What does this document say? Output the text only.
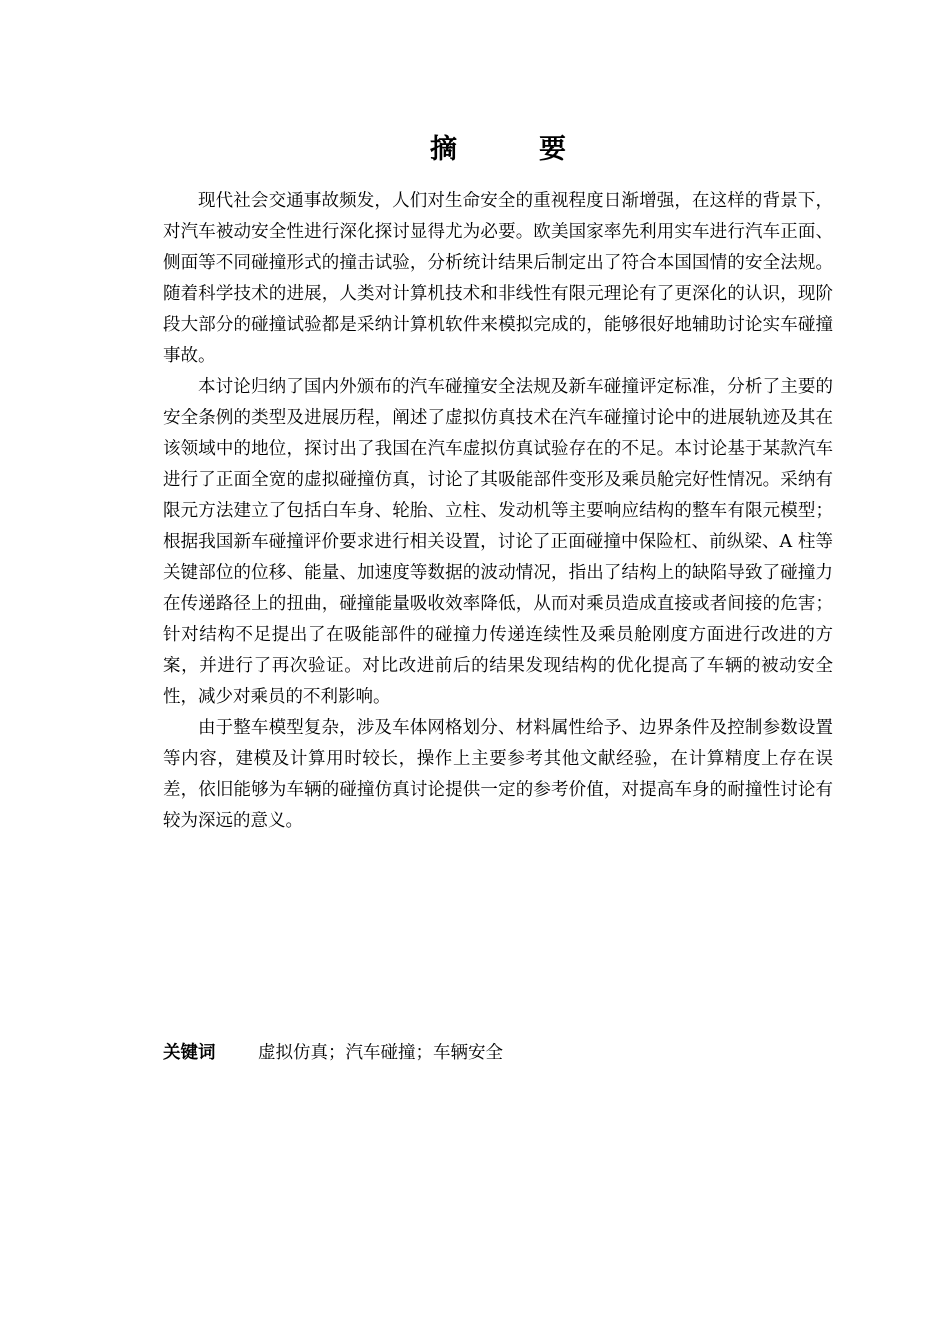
摘	要

现代社会交通事故频发，人们对生命安全的重视程度日渐增强，在这样的背景下，对汽车被动安全性进行深化探讨显得尤为必要。欧美国家率先利用实车进行汽车正面、侧面等不同碰撞形式的撞击试验，分析统计结果后制定出了符合本国国情的安全法规。随着科学技术的进展，人类对计算机技术和非线性有限元理论有了更深化的认识，现阶段大部分的碰撞试验都是采纳计算机软件来模拟完成的，能够很好地辅助讨论实车碰撞事故。

本讨论归纳了国内外颁布的汽车碰撞安全法规及新车碰撞评定标准，分析了主要的安全条例的类型及进展历程，阐述了虚拟仿真技术在汽车碰撞讨论中的进展轨迹及其在该领域中的地位，探讨出了我国在汽车虚拟仿真试验存在的不足。本讨论基于某款汽车进行了正面全宽的虚拟碰撞仿真，讨论了其吸能部件变形及乘员舱完好性情况。采纳有限元方法建立了包括白车身、轮胎、立柱、发动机等主要响应结构的整车有限元模型；根据我国新车碰撞评价要求进行相关设置，讨论了正面碰撞中保险杠、前纵梁、A 柱等关键部位的位移、能量、加速度等数据的波动情况，指出了结构上的缺陷导致了碰撞力在传递路径上的扭曲，碰撞能量吸收效率降低，从而对乘员造成直接或者间接的危害；针对结构不足提出了在吸能部件的碰撞力传递连续性及乘员舱刚度方面进行改进的方案，并进行了再次验证。对比改进前后的结果发现结构的优化提高了车辆的被动安全性，减少对乘员的不利影响。

由于整车模型复杂，涉及车体网格划分、材料属性给予、边界条件及控制参数设置等内容，建模及计算用时较长，操作上主要参考其他文献经验，在计算精度上存在误差，依旧能够为车辆的碰撞仿真讨论提供一定的参考价值，对提高车身的耐撞性讨论有较为深远的意义。

关键词 虚拟仿真；汽车碰撞；车辆安全
